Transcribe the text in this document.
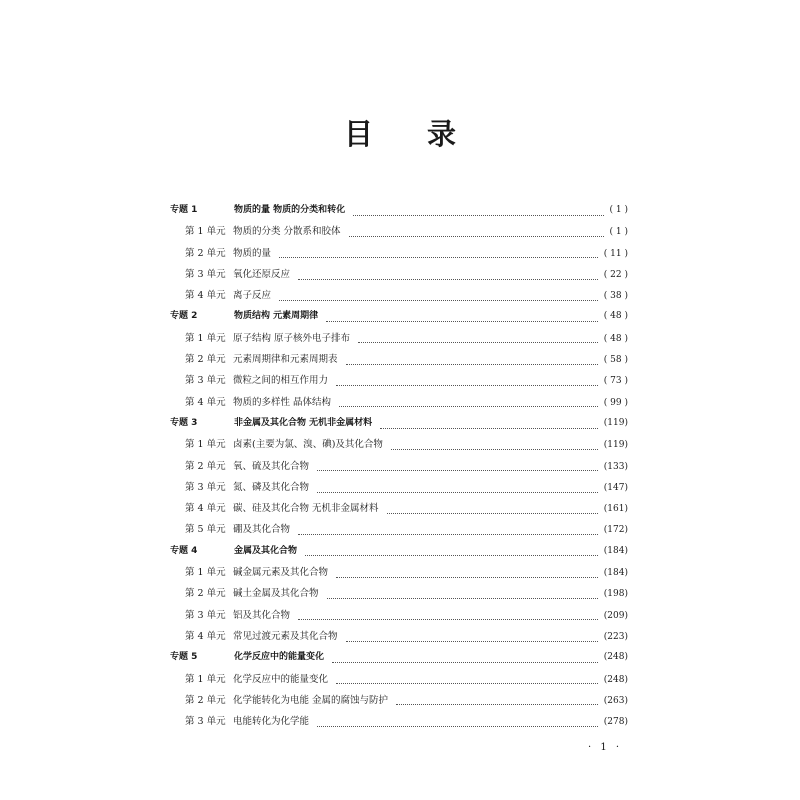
目 录
专题 1	物质的量 物质的分类和转化	( 1 )
第 1 单元 物质的分类 分散系和胶体	( 1 )
第 2 单元 物质的量	( 11 )
第 3 单元 氧化还原反应	( 22 )
第 4 单元 离子反应	( 38 )
专题 2	物质结构 元素周期律	( 48 )
第 1 单元 原子结构 原子核外电子排布	( 48 )
第 2 单元 元素周期律和元素周期表	( 58 )
第 3 单元 微粒之间的相互作用力	( 73 )
第 4 单元 物质的多样性 晶体结构	( 99 )
专题 3	非金属及其化合物 无机非金属材料	(119)
第 1 单元 卤素(主要为氯、溴、碘)及其化合物	(119)
第 2 单元 氧、硫及其化合物	(133)
第 3 单元 氮、磷及其化合物	(147)
第 4 单元 碳、硅及其化合物 无机非金属材料	(161)
第 5 单元 硼及其化合物	(172)
专题 4	金属及其化合物	(184)
第 1 单元 碱金属元素及其化合物	(184)
第 2 单元 碱土金属及其化合物	(198)
第 3 单元 铝及其化合物	(209)
第 4 单元 常见过渡元素及其化合物	(223)
专题 5	化学反应中的能量变化	(248)
第 1 单元 化学反应中的能量变化	(248)
第 2 单元 化学能转化为电能 金属的腐蚀与防护	(263)
第 3 单元 电能转化为化学能	(278)
· 1 ·
